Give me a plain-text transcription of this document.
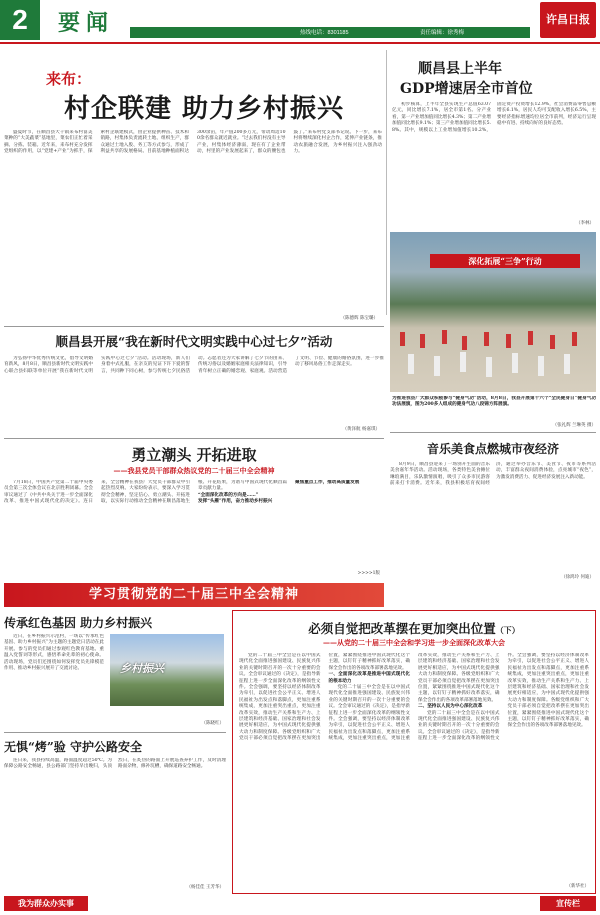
2	要闻	热线电话：8301185	责任编辑：徐秀梅
许昌日报
来布：
村企联建 助力乡村振兴

盛夏时节，在顺昌县大干镇来布村富美菜种的“大美蔬菜”基地里，菜农们正忙着采摘、分拣、装箱。近年来，来布村充分发挥党组织的作用，以“党建+产业”为抓手，探索村企联建模式，由企业提供种苗、技术和销路，村集体负责流转土地、组织生产，群众通过土地入股、务工等方式参与，形成了利益共享的发展格局。目前基地种植面积达300余亩，年产值200多万元，带动周边100余名群众就近就业。“过去我们村没有主导产业，村集体经济薄弱，现在有了企业带动，村里的产业发展起来了，群众的腰包也鼓了。”来布村党支部书记说。下一步，来布村将继续深化村企合作，延伸产业链条，推动农旅融合发展，为乡村振兴注入强劲动力。

（陈德辉 陈宝璐）
顺昌县上半年
GDP增速居全市首位

初步核算，上半年全县实现生产总值63.07亿元，同比增长7.1%，居全市第1名。分产业看，第一产业增加值同比增长4.3%；第二产业增加值同比增长9.1%；第三产业增加值同比增长5.8%。其中，规模以上工业增加值增长10.2%，固定资产投资增长12.9%，社会消费品零售总额增长6.1%，居民人均可支配收入增长6.5%，主要经济指标增速均位居全市前列，经济运行呈现稳中有进、持续向好的良好态势。

（李林）
深化拓展“三争”行动
为推进我县广大群众积极参与“健身气功”活动，8月8日，我县开展第十六个“全民健身日”健身气功功法展演，图为200多人组成的健身气功八段锦方阵展演。
（张礼辉 兰琳英 摄）
顺昌县开展“我在新时代文明实践中心过七夕”活动

为弘扬中华优秀传统文化，倡导文明婚育新风，8月8日，顺昌县新时代文明实践中心联合县妇联等单位开展“我在新时代文明实践中心过七夕”活动。活动现场，新人们身着中式礼服，在亲友的见证下许下爱的誓言，共同种下同心树，参与传统七夕民俗活动。志愿者还为大家讲解了七夕节的由来、传统习俗以及婚姻家庭相关法律知识，引导青年树立正确的婚恋观、家庭观。活动营造了文明、节俭、健康的婚俗氛围，进一步推动了移风易俗工作走深走实。

（黄泽航 杨嘉琪）
勇立潮头 开拓进取
——我县党员干部群众热议党的二十届三中全会精神

7月18日，中国共产党第二十届中央委员会第三次全体会议在北京胜利闭幕。全会审议通过了《中共中央关于进一步全面深化改革、推进中国式现代化的决定》。连日来，全会精神在我县广大党员干部群众中引起热烈反响。大家纷纷表示，要深入学习贯彻全会精神，坚定信心、勇立潮头、开拓进取，以实际行动推动全会精神在顺昌落地生根、开花结果，为谱写中国式现代化顺昌篇章贡献力量。

“全面深化改革的方向是……”

发挥“头雁”作用，奋力推动乡村振兴

聚焦重点工作，推动高质量发展

>>>>1版
音乐美食点燃城市夜经济

8月9日，顺昌县迎来了一场别开生面的音乐美食嘉年华活动。活动现场，各类特色美食摊位琳琅满目，乐队激情演唱，吸引了众多市民游客前来打卡消费。近年来，我县积极培育夜间经济，通过举办音乐节、美食节、夜市等系列活动，丰富群众夜间消费体验，点亮城市“夜色”，为激发消费活力、促进经济发展注入新动能。

（徐鸿玲 何迪）
学习贯彻党的二十届三中全会精神
传承红色基因 助力乡村振兴

近日，在乡村振兴示范村，一场以“传承红色基因、助力乡村振兴”为主题的主题党日活动在此开展。参与的党员们通过参观红色教育基地、重温入党誓词等形式，感悟革命先辈的初心使命。活动现场，党员们还围绕如何发挥党员先锋模范作用、推动乡村振兴展开了交流讨论。	乡村振兴
（陈晓红）
无惧“烤”验 守护公路安全

连日来，我县持续高温，路面温度超过50℃。为保障公路安全畅通，县公路部门坚持早出晚归，头顶烈日，在炙热的路面上开展巡查养护工作，及时清理路面杂物，修补坑槽，确保道路安全畅通。

（杨佳佳 王芳华）
我为群众办实事
必须自觉把改革摆在更加突出位置（下）
——从党的二十届三中全会和学习进一步全面深化改革大会

党的二十届三中全会是在以中国式现代化全面推进强国建设、民族复兴伟业的关键时期召开的一次十分重要的会议。全会审议通过的《决定》，是指导新征程上进一步全面深化改革的纲领性文件。全会强调，要坚持以经济体制改革为牵引，以促进社会公平正义、增进人民福祉为出发点和落脚点，更加注重系统集成，更加注重突出重点，更加注重改革实效，推动生产关系和生产力、上层建筑和经济基础、国家治理和社会发展更好相适应，为中国式现代化提供强大动力和制度保障。各级党组织和广大党员干部必须自觉把改革摆在更加突出位置，紧紧围绕推进中国式现代化这个主题，以钉钉子精神抓好改革落实，确保全会作出的各项改革部署落地见效。

一、全面深化改革是推进中国式现代化的根本动力

党的二十届三中全会是在以中国式现代化全面推进强国建设、民族复兴伟业的关键时期召开的一次十分重要的会议。全会审议通过的《决定》，是指导新征程上进一步全面深化改革的纲领性文件。全会强调，要坚持以经济体制改革为牵引，以促进社会公平正义、增进人民福祉为出发点和落脚点，更加注重系统集成，更加注重突出重点，更加注重改革实效，推动生产关系和生产力、上层建筑和经济基础、国家治理和社会发展更好相适应，为中国式现代化提供强大动力和制度保障。各级党组织和广大党员干部必须自觉把改革摆在更加突出位置，紧紧围绕推进中国式现代化这个主题，以钉钉子精神抓好改革落实，确保全会作出的各项改革部署落地见效。

二、坚持以人民为中心深化改革

党的二十届三中全会是在以中国式现代化全面推进强国建设、民族复兴伟业的关键时期召开的一次十分重要的会议。全会审议通过的《决定》，是指导新征程上进一步全面深化改革的纲领性文件。全会强调，要坚持以经济体制改革为牵引，以促进社会公平正义、增进人民福祉为出发点和落脚点，更加注重系统集成，更加注重突出重点，更加注重改革实效，推动生产关系和生产力、上层建筑和经济基础、国家治理和社会发展更好相适应，为中国式现代化提供强大动力和制度保障。各级党组织和广大党员干部必须自觉把改革摆在更加突出位置，紧紧围绕推进中国式现代化这个主题，以钉钉子精神抓好改革落实，确保全会作出的各项改革部署落地见效。

（新华社）
宣传栏
